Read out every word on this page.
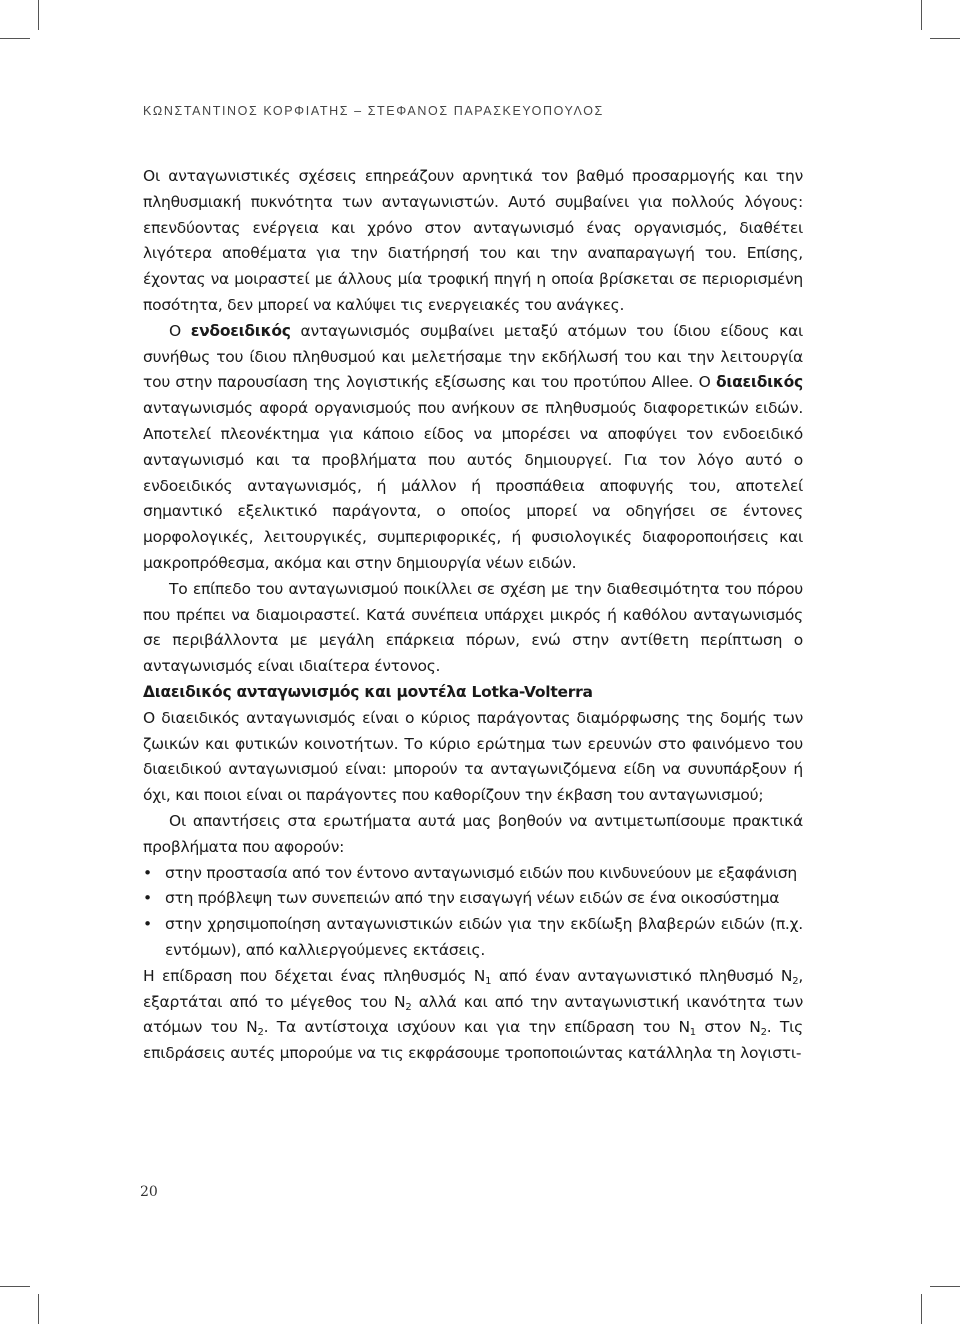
ΚΩΝΣΤΑΝΤΙΝΟΣ ΚΟΡΦΙΑΤΗΣ – ΣΤΕΦΑΝΟΣ ΠΑΡΑΣΚΕΥΟΠΟΥΛΟΣ

Οι ανταγωνιστικές σχέσεις επηρεάζουν αρνητικά τον βαθμό προσαρμογής και την πληθυσμιακή πυκνότητα των ανταγωνιστών. Αυτό συμβαίνει για πολλούς λόγους: επενδύοντας ενέργεια και χρόνο στον ανταγωνισμό ένας οργανισμός, διαθέτει λιγότερα αποθέματα για την διατήρησή του και την αναπαραγωγή του. Επίσης, έχοντας να μοιραστεί με άλλους μία τροφική πηγή η οποία βρίσκεται σε περιορισμένη ποσότητα, δεν μπορεί να καλύψει τις ενεργειακές του ανάγκες.

Ο ενδοειδικός ανταγωνισμός συμβαίνει μεταξύ ατόμων του ίδιου είδους και συνήθως του ίδιου πληθυσμού και μελετήσαμε την εκδήλωσή του και την λειτουργία του στην παρουσίαση της λογιστικής εξίσωσης και του προτύπου Allee. Ο διαειδικός ανταγωνισμός αφορά οργανισμούς που ανήκουν σε πληθυσμούς διαφορετικών ειδών. Αποτελεί πλεονέκτημα για κάποιο είδος να μπορέσει να αποφύγει τον ενδοειδικό ανταγωνισμό και τα προβλήματα που αυτός δημιουργεί. Για τον λόγο αυτό ο ενδοειδικός ανταγωνισμός, ή μάλλον ή προσπάθεια αποφυγής του, αποτελεί σημαντικό εξελικτικό παράγοντα, ο οποίος μπορεί να οδηγήσει σε έντονες μορφολογικές, λειτουργικές, συμπεριφορικές, ή φυσιολογικές διαφοροποιήσεις και μακροπρόθεσμα, ακόμα και στην δημιουργία νέων ειδών.

Το επίπεδο του ανταγωνισμού ποικίλλει σε σχέση με την διαθεσιμότητα του πόρου που πρέπει να διαμοιραστεί. Κατά συνέπεια υπάρχει μικρός ή καθόλου ανταγωνισμός σε περιβάλλοντα με μεγάλη επάρκεια πόρων, ενώ στην αντίθετη περίπτωση ο ανταγωνισμός είναι ιδιαίτερα έντονος.

Διαειδικός ανταγωνισμός και μοντέλα Lotka-Volterra

Ο διαειδικός ανταγωνισμός είναι ο κύριος παράγοντας διαμόρφωσης της δομής των ζωικών και φυτικών κοινοτήτων. Το κύριο ερώτημα των ερευνών στο φαινόμενο του διαειδικού ανταγωνισμού είναι: μπορούν τα ανταγωνιζόμενα είδη να συνυπάρξουν ή όχι, και ποιοι είναι οι παράγοντες που καθορίζουν την έκβαση του ανταγωνισμού;

Οι απαντήσεις στα ερωτήματα αυτά μας βοηθούν να αντιμετωπίσουμε πρακτικά προβλήματα που αφορούν:

• στην προστασία από τον έντονο ανταγωνισμό ειδών που κινδυνεύουν με εξαφάνιση
• στη πρόβλεψη των συνεπειών από την εισαγωγή νέων ειδών σε ένα οικοσύστημα
• στην χρησιμοποίηση ανταγωνιστικών ειδών για την εκδίωξη βλαβερών ειδών (π.χ. εντόμων), από καλλιεργούμενες εκτάσεις.

Η επίδραση που δέχεται ένας πληθυσμός $N_1$ από έναν ανταγωνιστικό πληθυσμό $N_2$, εξαρτάται από το μέγεθος του $N_2$ αλλά και από την ανταγωνιστική ικανότητα των ατόμων του $N_2$. Τα αντίστοιχα ισχύουν και για την επίδραση του $N_1$ στον $N_2$. Τις επιδράσεις αυτές μπορούμε να τις εκφράσουμε τροποποιώντας κατάλληλα τη λογιστι-

20
